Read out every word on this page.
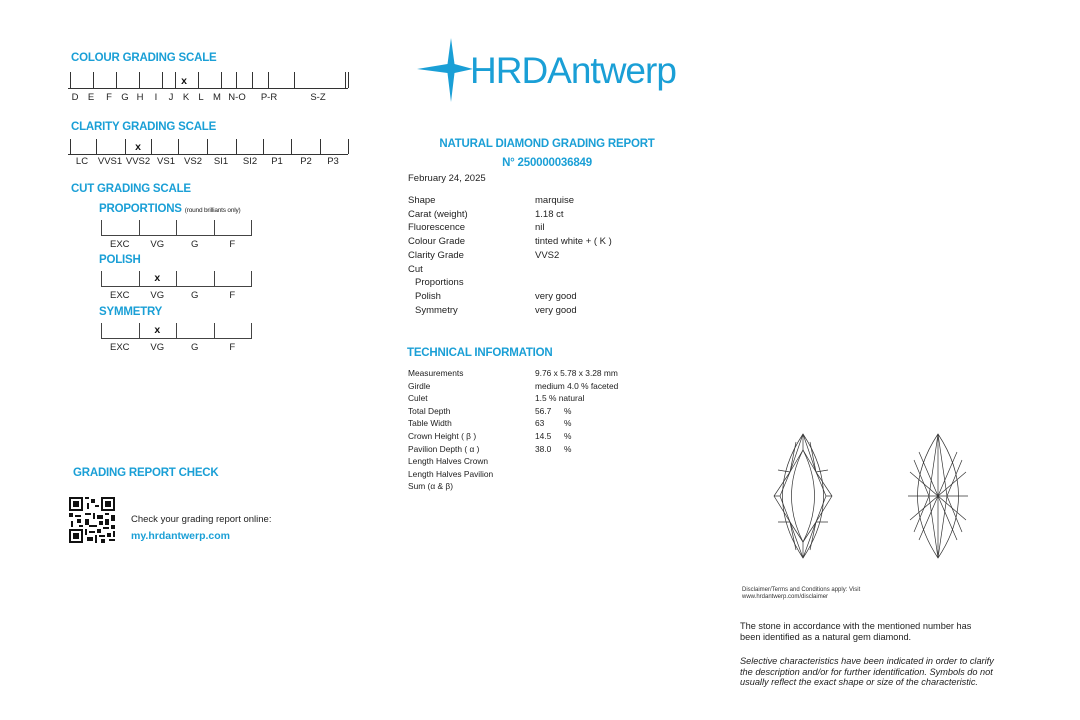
COLOUR GRADING SCALE
D E F G H I J K L M N-O P-R	S-Z
x
CLARITY GRADING SCALE
LC VVS1 VVS2 VS1 VS2 SI1 SI2 P1 P2 P3
x
CUT GRADING SCALE
PROPORTIONS (round brilliants only)
EXC VG	G	F
POLISH
x
EXC VG	G	F
SYMMETRY
x
EXC VG	G	F
GRADING REPORT CHECK
Check your grading report online:
my.hrdantwerp.com
HRDAntwerp
NATURAL DIAMOND GRADING REPORT
N° 250000036849
February 24, 2025
Shape	marquise
Carat (weight)	1.18 ct
Fluorescence	nil
Colour Grade	tinted white + ( K )
Clarity Grade	VVS2
Cut
Proportions
Polish	very good
Symmetry	very good
TECHNICAL INFORMATION
Measurements	9.76 x 5.78 x 3.28 mm
Girdle	medium 4.0 % faceted
Culet	1.5 % natural
Total Depth	56.7 %
Table Width	63 %
Crown Height ( β )	14.5 %
Pavilion Depth ( α )	38.0 %
Length Halves Crown
Length Halves Pavilion
Sum (α & β)
Disclaimer/Terms and Conditions apply: Visit
www.hrdantwerp.com/disclaimer
The stone in accordance with the mentioned number has been identified as a natural gem diamond.
Selective characteristics have been indicated in order to clarify the description and/or for further identification. Symbols do not usually reflect the exact shape or size of the characteristic.
